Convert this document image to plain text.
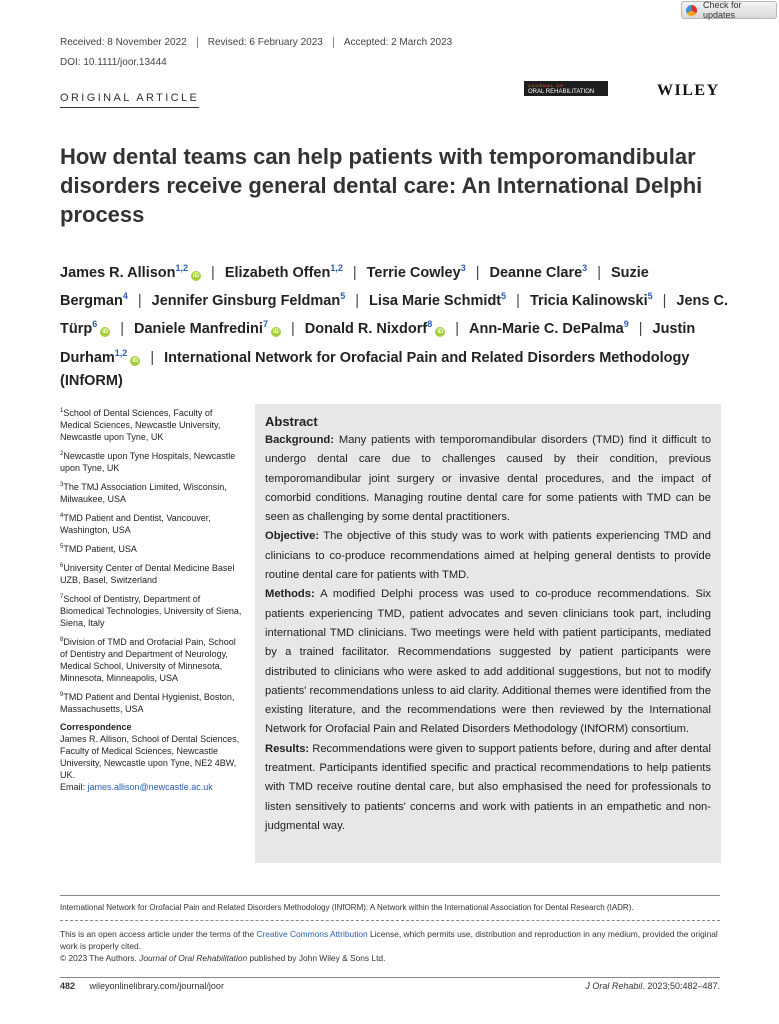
Check for updates
Received: 8 November 2022	Revised: 6 February 2023	Accepted: 2 March 2023
DOI: 10.1111/joor.13444
ORIGINAL ARTICLE
JOURNAL OF
ORAL REHABILITATION	WILEY
How dental teams can help patients with temporomandibular disorders receive general dental care: An International Delphi process
James R. Allison$^{1,2}$iD | Elizabeth Offen$^{1,2}$ | Terrie Cowley$^3$ | Deanne Clare$^3$ | Suzie Bergman$^4$ | Jennifer Ginsburg Feldman$^5$ | Lisa Marie Schmidt$^5$ | Tricia Kalinowski$^5$ | Jens C. Türp$^6$iD | Daniele Manfredini$^7$iD | Donald R. Nixdorf$^8$iD | Ann-Marie C. DePalma$^9$ | Justin Durham$^{1,2}$iD | International Network for Orofacial Pain and Related Disorders Methodology (INfORM)

$^1$School of Dental Sciences, Faculty of Medical Sciences, Newcastle University, Newcastle upon Tyne, UK

$^2$Newcastle upon Tyne Hospitals, Newcastle upon Tyne, UK

$^3$The TMJ Association Limited, Wisconsin, Milwaukee, USA

$^4$TMD Patient and Dentist, Vancouver, Washington, USA

$^5$TMD Patient, USA

$^6$University Center of Dental Medicine Basel UZB, Basel, Switzerland

$^7$School of Dentistry, Department of Biomedical Technologies, University of Siena, Siena, Italy

$^8$Division of TMD and Orofacial Pain, School of Dentistry and Department of Neurology, Medical School, University of Minnesota, Minnesota, Minneapolis, USA

$^9$TMD Patient and Dental Hygienist, Boston, Massachusetts, USA

Correspondence

James R. Allison, School of Dental Sciences, Faculty of Medical Sciences, Newcastle University, Newcastle upon Tyne, NE2 4BW, UK.
Email: james.allison@newcastle.ac.uk

Abstract

Background: Many patients with temporomandibular disorders (TMD) find it difficult to undergo dental care due to challenges caused by their condition, previous temporomandibular joint surgery or invasive dental procedures, and the impact of comorbid conditions. Managing routine dental care for some patients with TMD can be seen as challenging by some dental practitioners.

Objective: The objective of this study was to work with patients experiencing TMD and clinicians to co-produce recommendations aimed at helping general dentists to provide routine dental care for patients with TMD.

Methods: A modified Delphi process was used to co-produce recommendations. Six patients experiencing TMD, patient advocates and seven clinicians took part, including international TMD clinicians. Two meetings were held with patient participants, mediated by a trained facilitator. Recommendations suggested by patient participants were distributed to clinicians who were asked to add additional suggestions, but not to modify patients' recommendations unless to aid clarity. Additional themes were identified from the existing literature, and the recommendations were then reviewed by the International Network for Orofacial Pain and Related Disorders Methodology (INfORM) consortium.

Results: Recommendations were given to support patients before, during and after dental treatment. Participants identified specific and practical recommendations to help patients with TMD receive routine dental care, but also emphasised the need for professionals to listen sensitively to patients' concerns and work with patients in an empathetic and non-judgmental way.

International Network for Orofacial Pain and Related Disorders Methodology (INfORM): A Network within the International Association for Dental Research (IADR).
This is an open access article under the terms of the Creative Commons Attribution License, which permits use, distribution and reproduction in any medium, provided the original work is properly cited.
© 2023 The Authors. Journal of Oral Rehabilitation published by John Wiley & Sons Ltd.
482 wileyonlinelibrary.com/journal/joor	J Oral Rehabil. 2023;50:482–487.
